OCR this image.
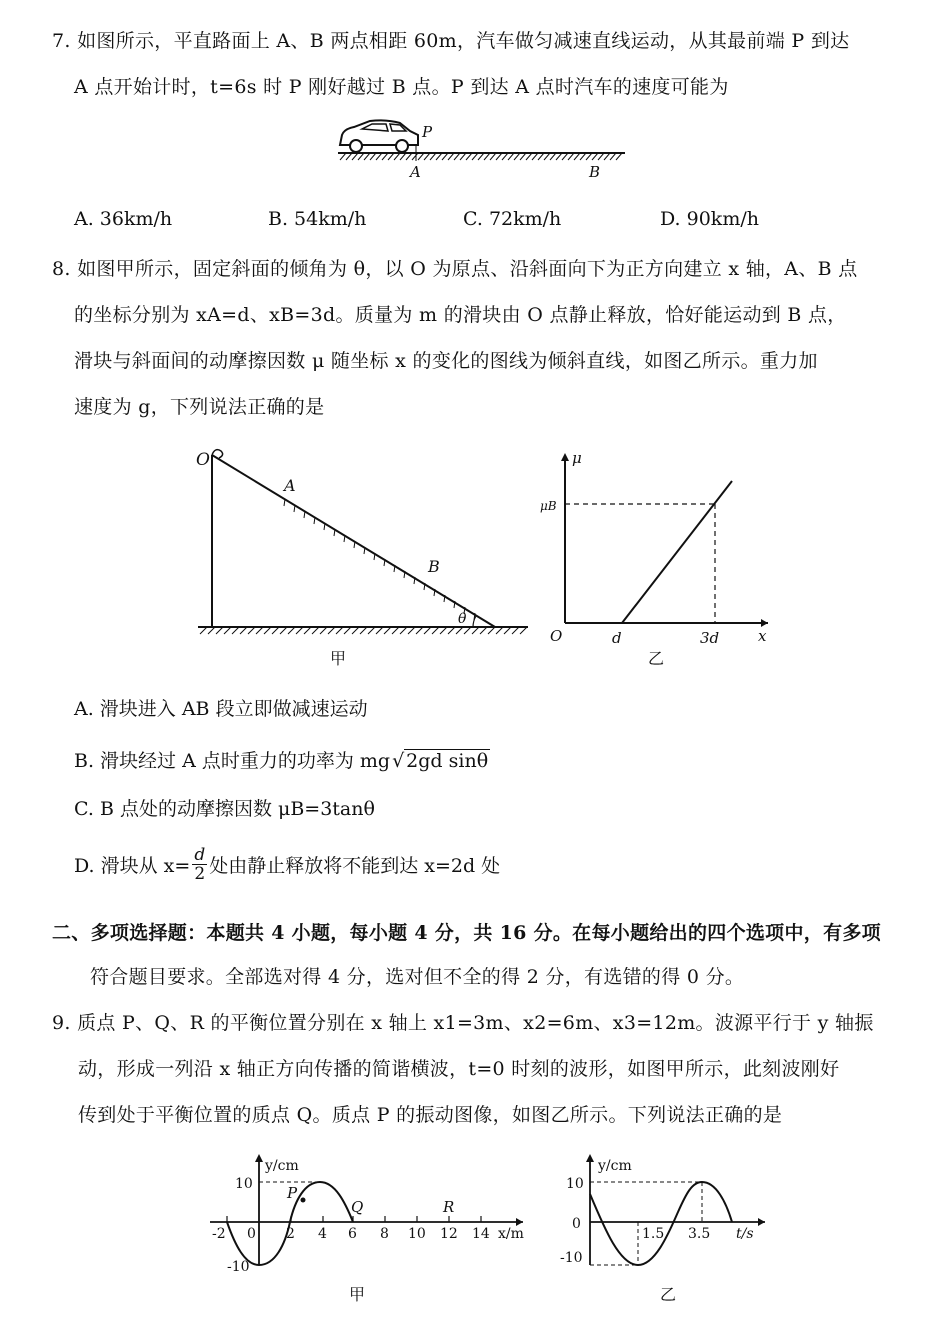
7. 如图所示，平直路面上 A、B 两点相距 60m，汽车做匀减速直线运动，从其最前端 P 到达
A 点开始计时，t=6s 时 P 刚好越过 B 点。P 到达 A 点时汽车的速度可能为
P
A	B
A. 36km/h	B. 54km/h	C. 72km/h	D. 90km/h
8. 如图甲所示，固定斜面的倾角为 θ，以 O 为原点、沿斜面向下为正方向建立 x 轴，A、B 点
的坐标分别为 xA=d、xB=3d。质量为 m 的滑块由 O 点静止释放，恰好能运动到 B 点，
滑块与斜面间的动摩擦因数 μ 随坐标 x 的变化的图线为倾斜直线，如图乙所示。重力加
速度为 g，下列说法正确的是
O
A
B
θ
甲
μ
μB
O	d	3d	x
乙
A. 滑块进入 AB 段立即做减速运动
B. 滑块经过 A 点时重力的功率为 mg √ 2gd sinθ
C. B 点处的动摩擦因数 μB=3tanθ
D. 滑块从 $x= \frac{d}{2}$ 处由静止释放将不能到达 x=2d 处
二、多项选择题：本题共 4 小题，每小题 4 分，共 16 分。在每小题给出的四个选项中，有多项
符合题目要求。全部选对得 4 分，选对但不全的得 2 分，有选错的得 0 分。
9. 质点 P、Q、R 的平衡位置分别在 x 轴上 x1=3m、x2=6m、x3=12m。波源平行于 y 轴振
动，形成一列沿 x 轴正方向传播的简谐横波，t=0 时刻的波形，如图甲所示，此刻波刚好
传到处于平衡位置的质点 Q。质点 P 的振动图像，如图乙所示。下列说法正确的是
y/cm
x/m
10
-10
-2 0 2 4 6 8 10 12 14
P
Q	R
甲
y/cm
10
0
-10
1.5 3.5 t/s
乙
